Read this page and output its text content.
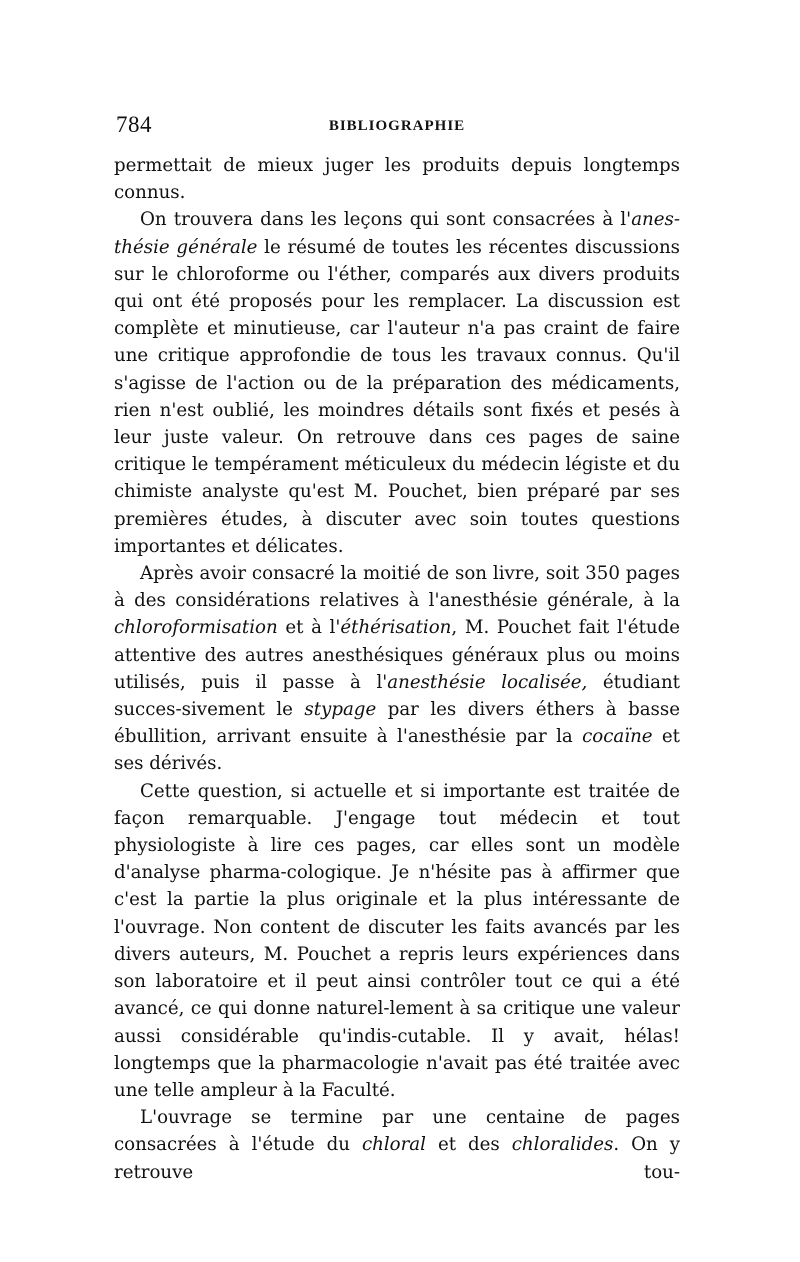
784	BIBLIOGRAPHIE

permettait de mieux juger les produits depuis longtemps connus.

On trouvera dans les leçons qui sont consacrées à l'anes-thésie générale le résumé de toutes les récentes discussions sur le chloroforme ou l'éther, comparés aux divers produits qui ont été proposés pour les remplacer. La discussion est complète et minutieuse, car l'auteur n'a pas craint de faire une critique approfondie de tous les travaux connus. Qu'il s'agisse de l'action ou de la préparation des médicaments, rien n'est oublié, les moindres détails sont fixés et pesés à leur juste valeur. On retrouve dans ces pages de saine critique le tempérament méticuleux du médecin légiste et du chimiste analyste qu'est M. Pouchet, bien préparé par ses premières études, à discuter avec soin toutes questions importantes et délicates.

Après avoir consacré la moitié de son livre, soit 350 pages à des considérations relatives à l'anesthésie générale, à la chloroformisation et à l'éthérisation, M. Pouchet fait l'étude attentive des autres anesthésiques généraux plus ou moins utilisés, puis il passe à l'anesthésie localisée, étudiant succes-sivement le stypage par les divers éthers à basse ébullition, arrivant ensuite à l'anesthésie par la cocaïne et ses dérivés.

Cette question, si actuelle et si importante est traitée de façon remarquable. J'engage tout médecin et tout physiologiste à lire ces pages, car elles sont un modèle d'analyse pharma-cologique. Je n'hésite pas à affirmer que c'est la partie la plus originale et la plus intéressante de l'ouvrage. Non content de discuter les faits avancés par les divers auteurs, M. Pouchet a repris leurs expériences dans son laboratoire et il peut ainsi contrôler tout ce qui a été avancé, ce qui donne naturel-lement à sa critique une valeur aussi considérable qu'indis-cutable. Il y avait, hélas! longtemps que la pharmacologie n'avait pas été traitée avec une telle ampleur à la Faculté.

L'ouvrage se termine par une centaine de pages consacrées à l'étude du chloral et des chloralides. On y retrouve tou-
